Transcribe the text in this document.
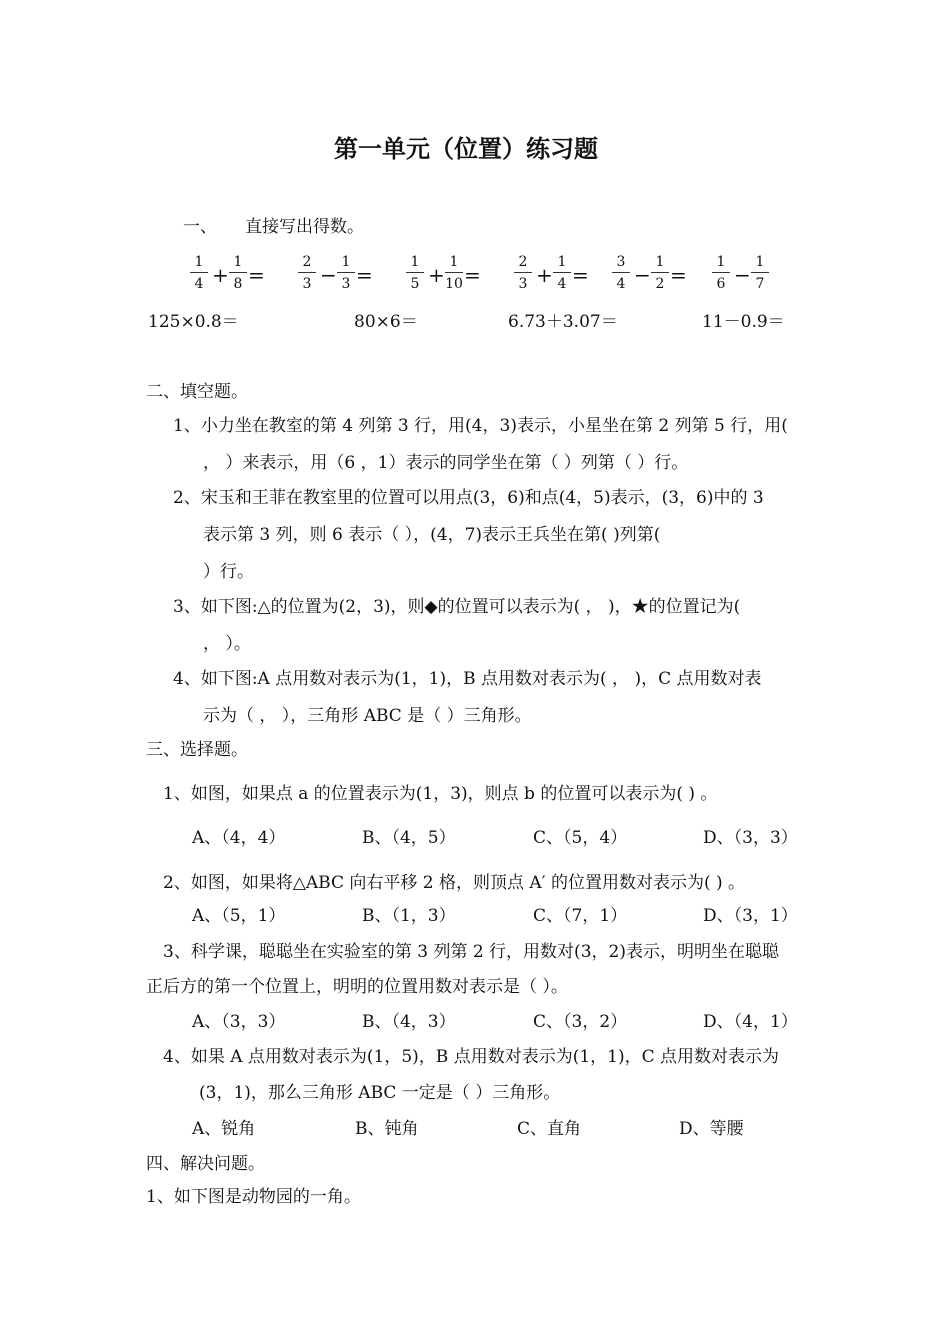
第一单元（位置）练习题
一、 直接写出得数。
1
4 +
1
8 =
2
3 −
1
3 =
1
5 +
1
10 =
2
3 +
1
4 =
3
4 −
1
2 =
1
6 −
1
7
125×0.8＝	80×6＝	6.73＋3.07＝	11－0.9＝
二、填空题。
1、小力坐在教室的第 4 列第 3 行，用(4，3)表示，小星坐在第 2 列第 5 行，用(
， ）来表示，用（6 ，1）表示的同学坐在第（ ）列第（ ）行。
2、宋玉和王菲在教室里的位置可以用点(3，6)和点(4，5)表示，(3，6)中的 3
表示第 3 列，则 6 表示（ ），(4，7)表示王兵坐在第( )列第(
）行。
3、如下图:△的位置为(2，3)，则◆的位置可以表示为( ， )，★的位置记为(
， ）。
4、如下图:A 点用数对表示为(1，1)，B 点用数对表示为( ， )，C 点用数对表
示为（ ， ），三角形 ABC 是（ ）三角形。
三、选择题。
1、如图，如果点 a 的位置表示为(1，3)，则点 b 的位置可以表示为( ) 。
A、（4，4）	B、（4，5）	C、（5，4）	D、（3，3）
2、如图，如果将△ABC 向右平移 2 格，则顶点 A′ 的位置用数对表示为( ) 。
A、（5，1）	B、（1，3）	C、（7，1）	D、（3，1）
3、科学课，聪聪坐在实验室的第 3 列第 2 行，用数对(3，2)表示，明明坐在聪聪
正后方的第一个位置上，明明的位置用数对表示是（ ）。
A、（3，3）	B、（4，3）	C、（3，2）	D、（4，1）
4、如果 A 点用数对表示为(1，5)，B 点用数对表示为(1，1)，C 点用数对表示为
(3，1)，那么三角形 ABC 一定是（ ）三角形。
A、锐角	B、钝角	C、直角	D、等腰
四、解决问题。
1、如下图是动物园的一角。
